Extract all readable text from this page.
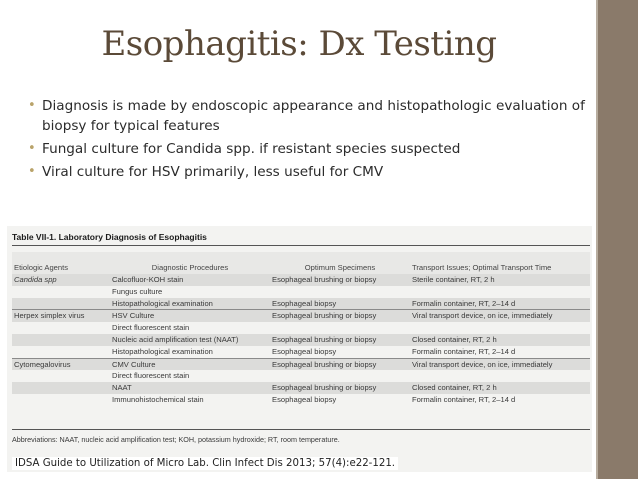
Esophagitis: Dx Testing
• Diagnosis is made by endoscopic appearance and histopathologic evaluation of biopsy for typical features
• Fungal culture for Candida spp. if resistant species suspected
• Viral culture for HSV primarily, less useful for CMV
Table VII-1. Laboratory Diagnosis of Esophagitis
Etiologic Agents	Diagnostic Procedures	Optimum Specimens	Transport Issues; Optimal Transport Time
Candida spp	Calcofluor-KOH stain	Esophageal brushing or biopsy	Sterile container, RT, 2 h
	Fungus culture		
	Histopathological examination	Esophageal biopsy	Formalin container, RT, 2–14 d
Herpex simplex virus	HSV Culture	Esophageal brushing or biopsy	Viral transport device, on ice, immediately
	Direct fluorescent stain		
	Nucleic acid amplification test (NAAT)	Esophageal brushing or biopsy	Closed container, RT, 2 h
	Histopathological examination	Esophageal biopsy	Formalin container, RT, 2–14 d
Cytomegalovirus	CMV Culture	Esophageal brushing or biopsy	Viral transport device, on ice, immediately
	Direct fluorescent stain		
	NAAT	Esophageal brushing or biopsy	Closed container, RT, 2 h
	Immunohistochemical stain	Esophageal biopsy	Formalin container, RT, 2–14 d
Abbreviations: NAAT, nucleic acid amplification test; KOH, potassium hydroxide; RT, room temperature.
IDSA Guide to Utilization of Micro Lab. Clin Infect Dis 2013; 57(4):e22-121.
